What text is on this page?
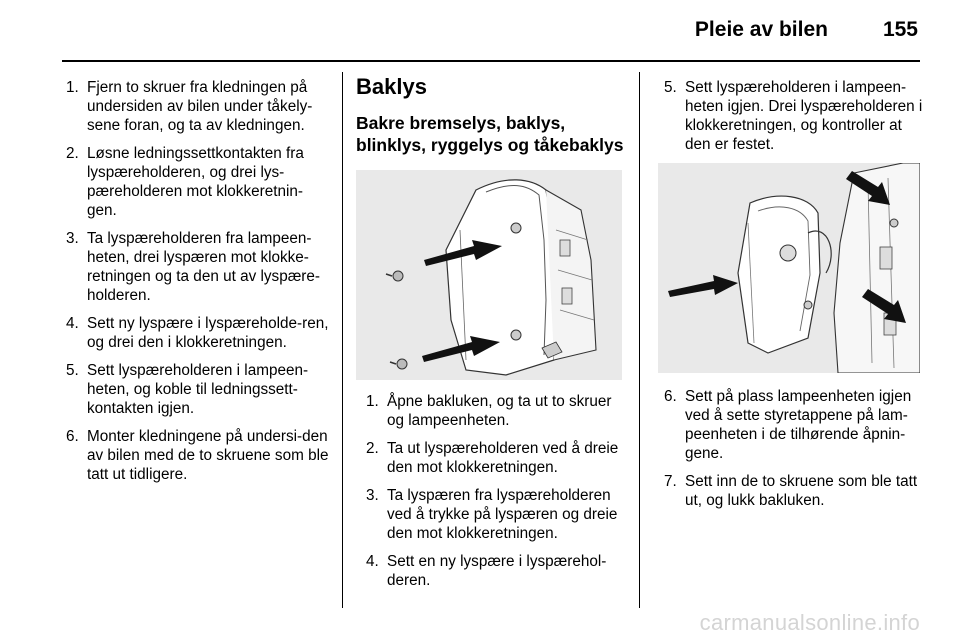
Pleie av bilen	155
1. Fjern to skruer fra kledningen på undersiden av bilen under tåkely-sene foran, og ta av kledningen.
2. Løsne ledningssettkontakten fra lyspæreholderen, og drei lys-pæreholderen mot klokkeretnin-gen.
3. Ta lyspæreholderen fra lampeen-heten, drei lyspæren mot klokke-retningen og ta den ut av lyspære-holderen.
4. Sett ny lyspære i lyspæreholde-ren, og drei den i klokkeretningen.
5. Sett lyspæreholderen i lampeen-heten, og koble til ledningssett-kontakten igjen.
6. Monter kledningene på undersi-den av bilen med de to skruene som ble tatt ut tidligere.
Baklys
Bakre bremselys, baklys, blinklys, ryggelys og tåkebaklys
1. Åpne bakluken, og ta ut to skruer og lampeenheten.
2. Ta ut lyspæreholderen ved å dreie den mot klokkeretningen.
3. Ta lyspæren fra lyspæreholderen ved å trykke på lyspæren og dreie den mot klokkeretningen.
4. Sett en ny lyspære i lyspærehol-deren.
5. Sett lyspæreholderen i lampeen-heten igjen. Drei lyspæreholderen i klokkeretningen, og kontroller at den er festet.
6. Sett på plass lampeenheten igjen ved å sette styretappene på lam-peenheten i de tilhørende åpnin-gene.
7. Sett inn de to skruene som ble tatt ut, og lukk bakluken.
carmanualsonline.info
